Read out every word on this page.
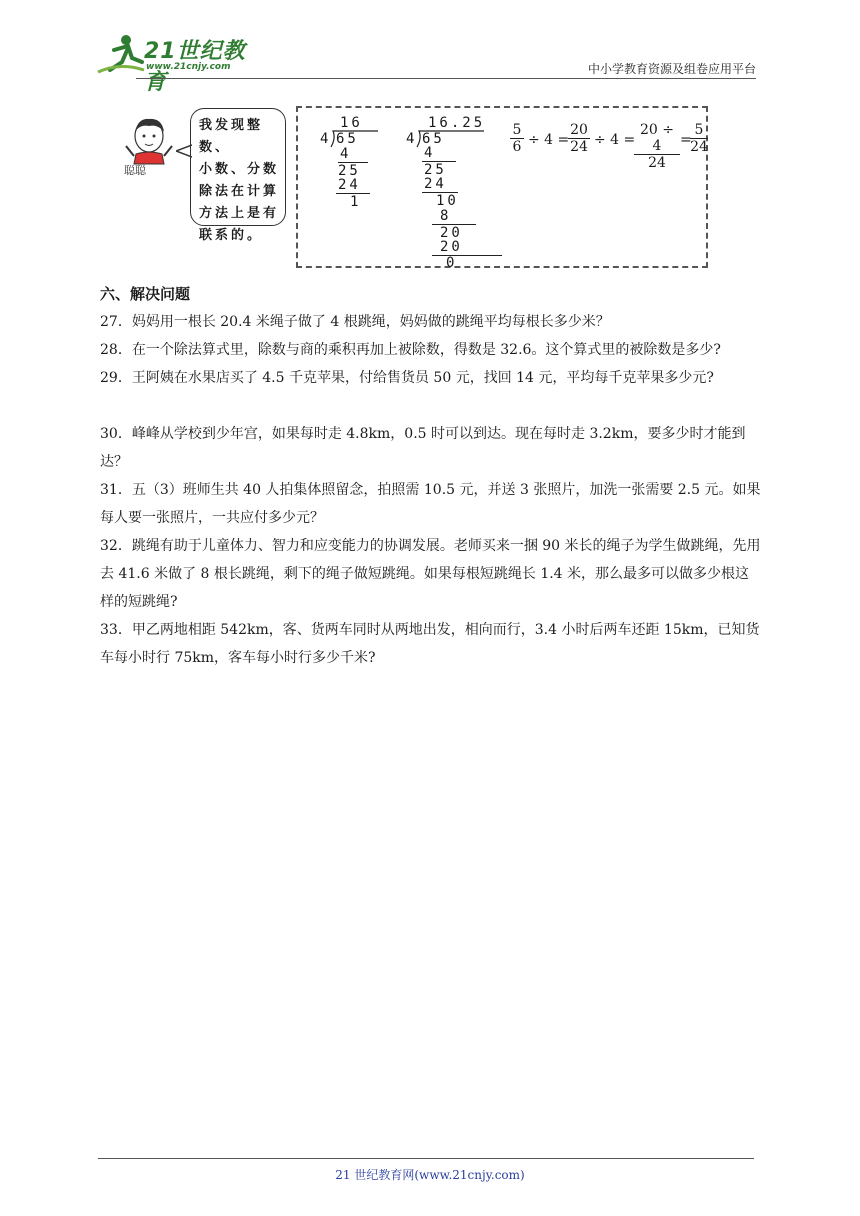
21世纪教育
www.21cnjy.com	中小学教育资源及组卷应用平台
聪聪
我发现整数、
小数、分数
除法在计算
方法上是有
联系的。
16
4 65
4
25
24
1
16.25
4 65
4
25
24
10
8
20
20
0
$\frac{5}{6} \div 4$ =
$\frac{20}{24} \div 4$ =
$\frac{20 \div 4}{24}$ =
$\frac{5}{24}$
六、解决问题

27．妈妈用一根长 20.4 米绳子做了 4 根跳绳，妈妈做的跳绳平均每根长多少米？

28．在一个除法算式里，除数与商的乘积再加上被除数，得数是 32.6。这个算式里的被除数是多少?

29．王阿姨在水果店买了 4.5 千克苹果，付给售货员 50 元，找回 14 元，平均每千克苹果多少元?

30．峰峰从学校到少年宫，如果每时走 4.8km，0.5 时可以到达。现在每时走 3.2km，要多少时才能到达？

31．五（3）班师生共 40 人拍集体照留念，拍照需 10.5 元，并送 3 张照片，加洗一张需要 2.5 元。如果每人要一张照片，一共应付多少元？

32．跳绳有助于儿童体力、智力和应变能力的协调发展。老师买来一捆 90 米长的绳子为学生做跳绳，先用去 41.6 米做了 8 根长跳绳，剩下的绳子做短跳绳。如果每根短跳绳长 1.4 米，那么最多可以做多少根这样的短跳绳?

33．甲乙两地相距 542km，客、货两车同时从两地出发，相向而行，3.4 小时后两车还距 15km，已知货车每小时行 75km，客车每小时行多少千米?

21 世纪教育网(www.21cnjy.com)
